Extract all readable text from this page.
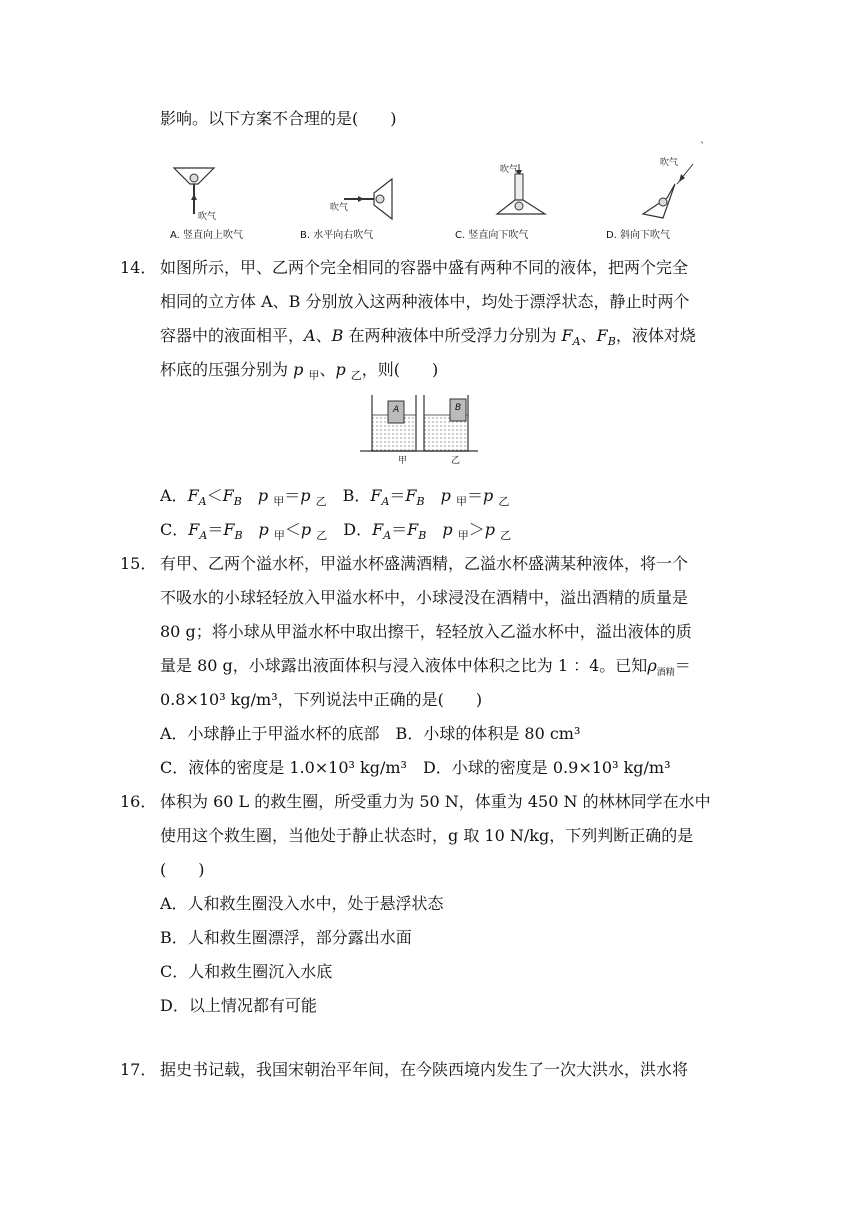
影响。以下方案不合理的是(　　)
`
吹气
吹气
吹气
吹气
A. 竖直向上吹气	B. 水平向右吹气	C. 竖直向下吹气	D. 斜向下吹气
14． 如图所示，甲、乙两个完全相同的容器中盛有两种不同的液体，把两个完全
相同的立方体 A、B 分别放入这两种液体中，均处于漂浮状态，静止时两个
容器中的液面相平，A、B 在两种液体中所受浮力分别为 $F_A$、$F_B$，液体对烧
杯底的压强分别为 p $_甲$、p $_乙$，则(　　)
A	B
甲	乙
A．$F_A<F_B$　 p $_甲$＝p $_乙$　B．$F_A=F_B$　 p $_甲$＝p $_乙$
C．$F_A=F_B$　 p $_甲$＜p $_乙$　D．$F_A=F_B$　 p $_甲$＞p $_乙$
15． 有甲、乙两个溢水杯，甲溢水杯盛满酒精，乙溢水杯盛满某种液体，将一个
不吸水的小球轻轻放入甲溢水杯中，小球浸没在酒精中，溢出酒精的质量是
80 g；将小球从甲溢水杯中取出擦干，轻轻放入乙溢水杯中，溢出液体的质
量是 80 g，小球露出液面体积与浸入液体中体积之比为 1 ：4。已知$\rho_{酒精}=$
0.8×10³ kg/m³，下列说法中正确的是(　　)
A．小球静止于甲溢水杯的底部　B．小球的体积是 80 cm³
C．液体的密度是 1.0×10³ kg/m³　D．小球的密度是 0.9×10³ kg/m³
16． 体积为 60 L 的救生圈，所受重力为 50 N，体重为 450 N 的林林同学在水中
使用这个救生圈，当他处于静止状态时，g 取 10 N/kg，下列判断正确的是
(　　)
A．人和救生圈没入水中，处于悬浮状态
B．人和救生圈漂浮，部分露出水面
C．人和救生圈沉入水底
D．以上情况都有可能
17． 据史书记载，我国宋朝治平年间，在今陕西境内发生了一次大洪水，洪水将
